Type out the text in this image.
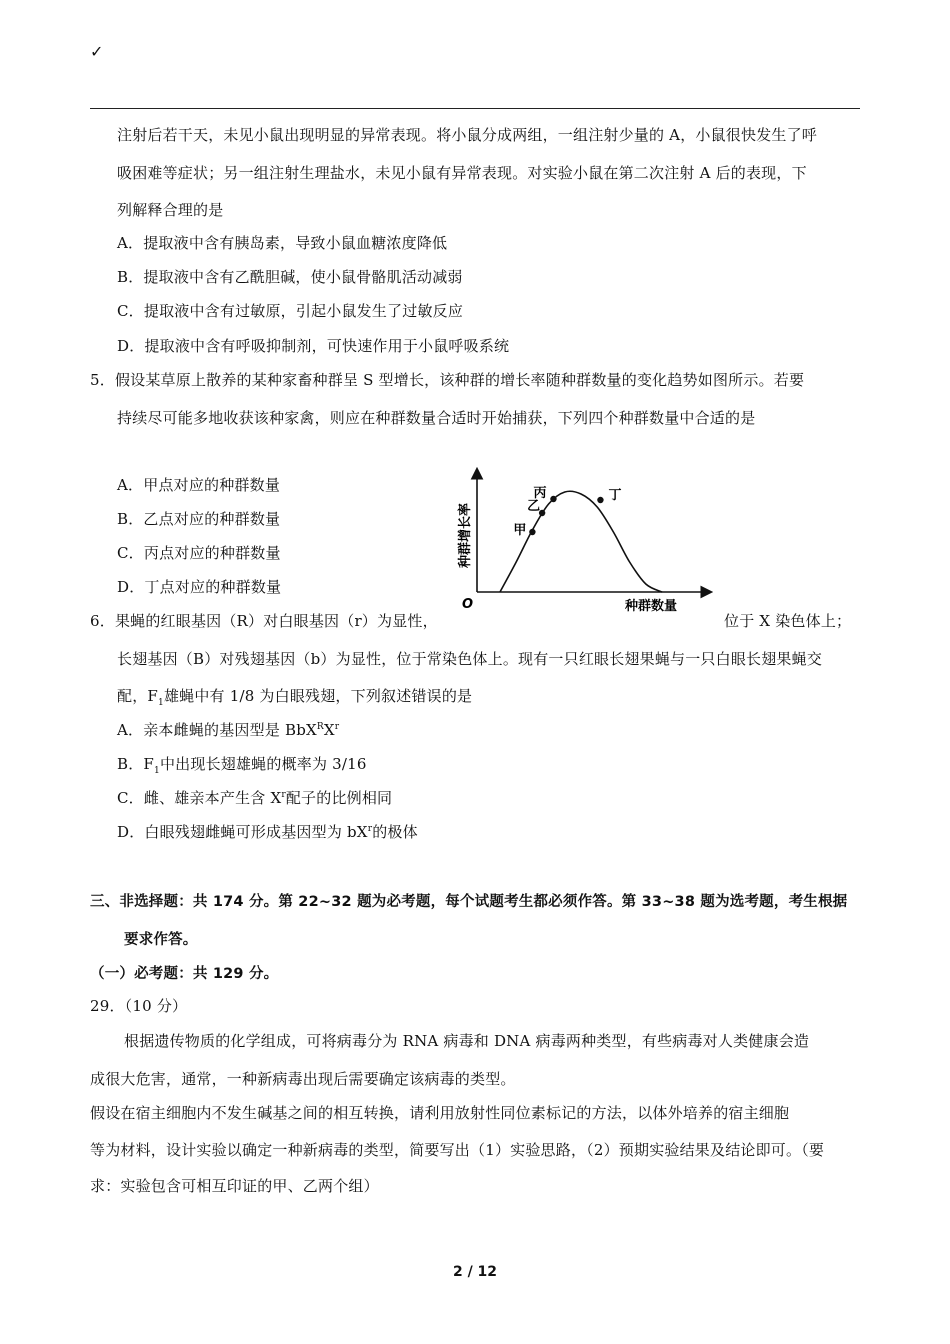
✓
注射后若干天，未见小鼠出现明显的异常表现。将小鼠分成两组，一组注射少量的 A，小鼠很快发生了呼
吸困难等症状；另一组注射生理盐水，未见小鼠有异常表现。对实验小鼠在第二次注射 A 后的表现，下
列解释合理的是
A．提取液中含有胰岛素，导致小鼠血糖浓度降低
B．提取液中含有乙酰胆碱，使小鼠骨骼肌活动减弱
C．提取液中含有过敏原，引起小鼠发生了过敏反应
D．提取液中含有呼吸抑制剂，可快速作用于小鼠呼吸系统
5．假设某草原上散养的某种家畜种群呈 S 型增长，该种群的增长率随种群数量的变化趋势如图所示。若要
持续尽可能多地收获该种家禽，则应在种群数量合适时开始捕获，下列四个种群数量中合适的是
A．甲点对应的种群数量
B．乙点对应的种群数量
C．丙点对应的种群数量
D．丁点对应的种群数量
O	种群数量
种群增长率	甲
乙
丙	丁
6．果蝇的红眼基因（R）对白眼基因（r）为显性，	位于 X 染色体上；
长翅基因（B）对残翅基因（b）为显性，位于常染色体上。现有一只红眼长翅果蝇与一只白眼长翅果蝇交
配，$F_1$雄蝇中有 1/8 为白眼残翅，下列叙述错误的是
A．亲本雌蝇的基因型是 $BbX^RX^r$
B．$F_1$中出现长翅雄蝇的概率为 3/16
C．雌、雄亲本产生含 $X^r$配子的比例相同
D．白眼残翅雌蝇可形成基因型为 $bX^r$的极体
三、非选择题：共 174 分。第 22~32 题为必考题，每个试题考生都必须作答。第 33~38 题为选考题，考生根据
要求作答。
（一）必考题：共 129 分。
29．（10 分）
根据遗传物质的化学组成，可将病毒分为 RNA 病毒和 DNA 病毒两种类型，有些病毒对人类健康会造
成很大危害，通常，一种新病毒出现后需要确定该病毒的类型。
假设在宿主细胞内不发生碱基之间的相互转换，请利用放射性同位素标记的方法，以体外培养的宿主细胞
等为材料，设计实验以确定一种新病毒的类型，简要写出（1）实验思路，（2）预期实验结果及结论即可。（要
求：实验包含可相互印证的甲、乙两个组）
2 / 12
